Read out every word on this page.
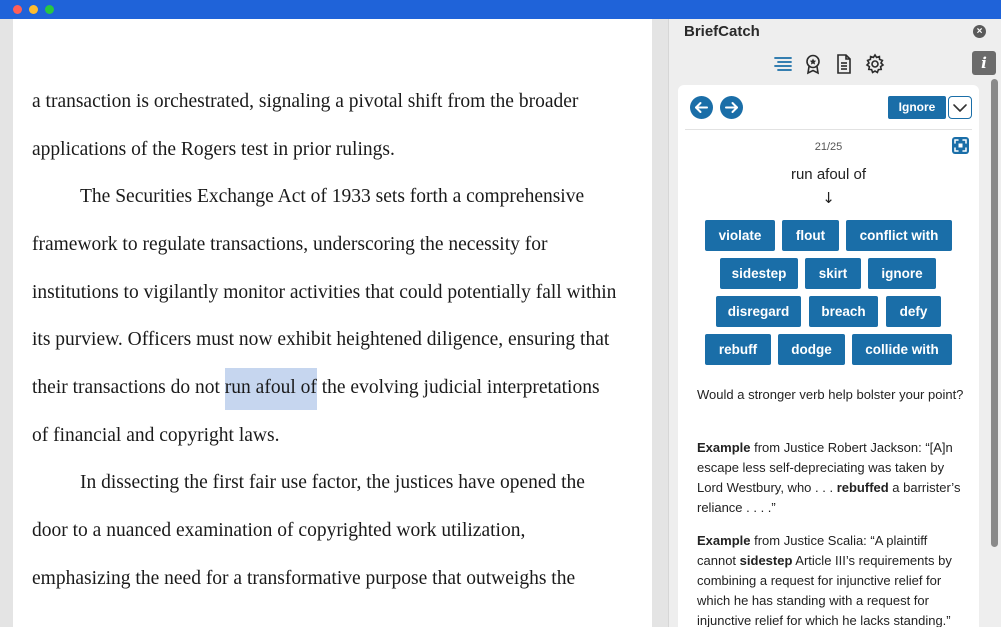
a transaction is orchestrated, signaling a pivotal shift from the broader
applications of the Rogers test in prior rulings.
The Securities Exchange Act of 1933 sets forth a comprehensive
framework to regulate transactions, underscoring the necessity for
institutions to vigilantly monitor activities that could potentially fall within
its purview. Officers must now exhibit heightened diligence, ensuring that
their transactions do not run afoul of the evolving judicial interpretations
of financial and copyright laws.
In dissecting the first fair use factor, the justices have opened the
door to a nuanced examination of copyrighted work utilization,
emphasizing the need for a transformative purpose that outweighs the
BriefCatch	×
i
Ignore
21/25
run afoul of
↓
violate	flout	conflict with
sidestep	skirt	ignore
disregard	breach	defy
rebuff	dodge	collide with
Would a stronger verb help bolster your point?
Example from Justice Robert Jackson: “[A]n escape less self-depreciating was taken by Lord Westbury, who . . . rebuffed a barrister’s reliance . . . .”
Example from Justice Scalia: “A plaintiff cannot sidestep Article III’s requirements by combining a request for injunctive relief for which he has standing with a request for injunctive relief for which he lacks standing.”
